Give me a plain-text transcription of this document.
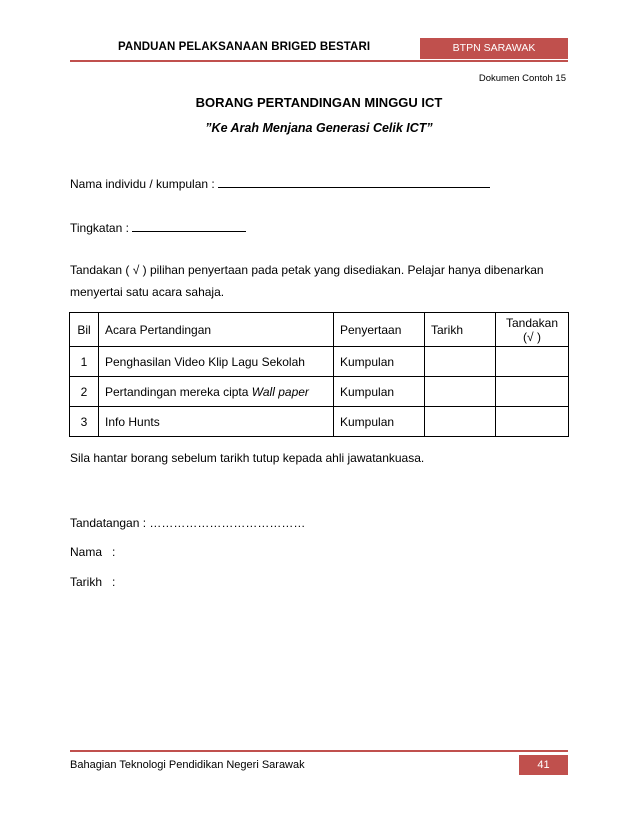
PANDUAN PELAKSANAAN BRIGED BESTARI	BTPN SARAWAK
Dokumen Contoh 15
BORANG PERTANDINGAN MINGGU ICT
”Ke Arah Menjana Generasi Celik ICT”
Nama individu / kumpulan :
Tingkatan :
Tandakan ( √ ) pilihan penyertaan pada petak yang disediakan. Pelajar hanya dibenarkan
menyertai satu acara sahaja.
Bil	Acara Pertandingan	Penyertaan	Tarikh	Tandakan
(√ )
1	Penghasilan Video Klip Lagu Sekolah	Kumpulan		
2	Pertandingan mereka cipta Wall paper	Kumpulan		
3	Info Hunts	Kumpulan		
Sila hantar borang sebelum tarikh tutup kepada ahli jawatankuasa.
Tandatangan : …………………………………
Nama   :
Tarikh   :
Bahagian Teknologi Pendidikan Negeri Sarawak	41
